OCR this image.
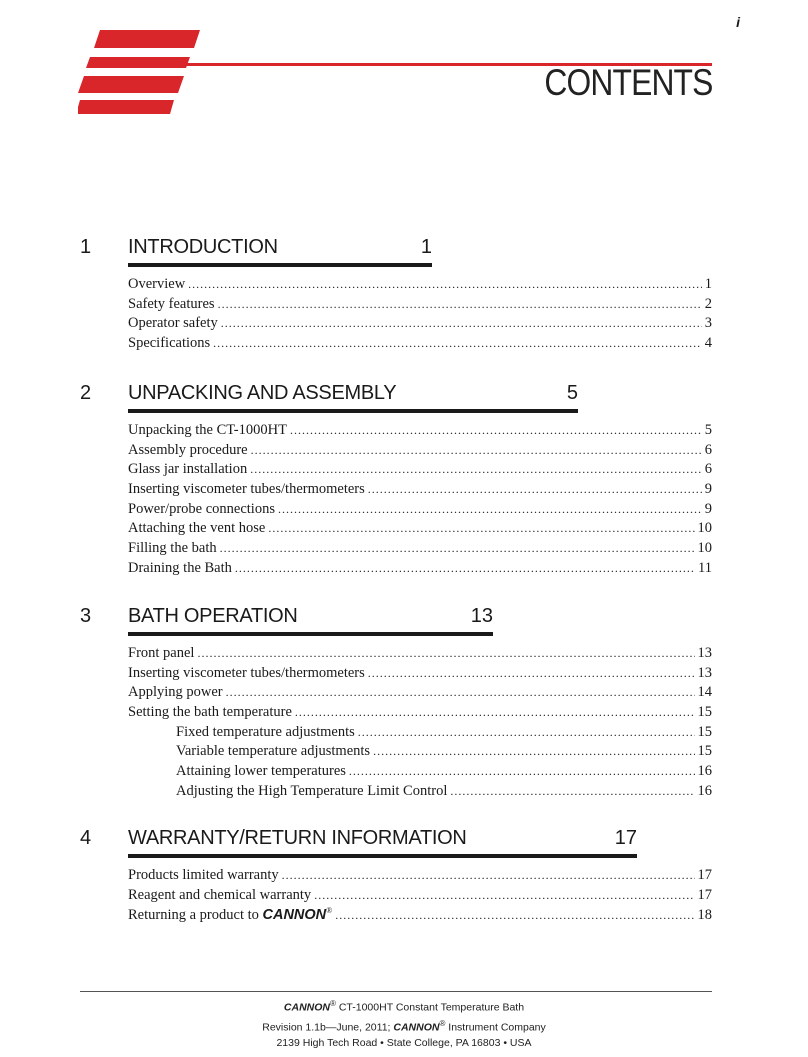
i
CONTENTS
1 INTRODUCTION	1
Overview .....	1
Safety features .....	2
Operator safety .....	3
Specifications .....	4
2 UNPACKING AND ASSEMBLY	5
Unpacking the CT-1000HT .....	5
Assembly procedure .....	6
Glass jar installation .....	6
Inserting viscometer tubes/thermometers .....	9
Power/probe connections .....	9
Attaching the vent hose .....	10
Filling the bath .....	10
Draining the Bath .....	11
3 BATH OPERATION	13
Front panel .....	13
Inserting viscometer tubes/thermometers .....	13
Applying power .....	14
Setting the bath temperature .....	15
Fixed temperature adjustments .....	15
Variable temperature adjustments .....	15
Attaining lower temperatures .....	16
Adjusting the High Temperature Limit Control .....	16
4 WARRANTY/RETURN INFORMATION	17
Products limited warranty .....	17
Reagent and chemical warranty .....	17
Returning a product to CANNON® .....	18
CANNON® CT-1000HT Constant Temperature Bath
Revision 1.1b—June, 2011; CANNON® Instrument Company
2139 High Tech Road • State College, PA 16803 • USA
